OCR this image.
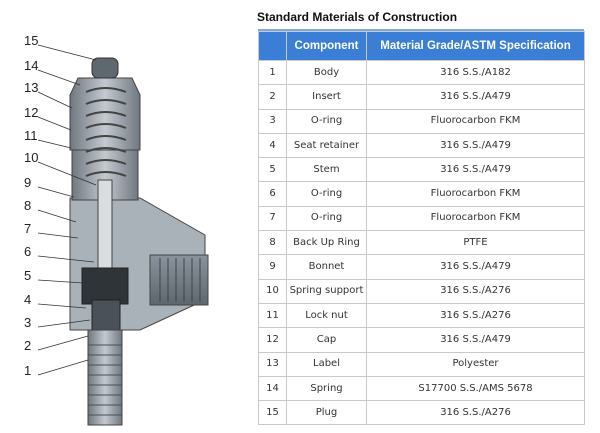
15
14
13
12
11
10
9
8
7
6
5
4
3
2
1
Standard Materials of Construction
	Component	Material Grade/ASTM Specification
1	Body	316 S.S./A182
2	Insert	316 S.S./A479
3	O-ring	Fluorocarbon FKM
4	Seat retainer	316 S.S./A479
5	Stem	316 S.S./A479
6	O-ring	Fluorocarbon FKM
7	O-ring	Fluorocarbon FKM
8	Back Up Ring	PTFE
9	Bonnet	316 S.S./A479
10	Spring support	316 S.S./A276
11	Lock nut	316 S.S./A276
12	Cap	316 S.S./A479
13	Label	Polyester
14	Spring	S17700 S.S./AMS 5678
15	Plug	316 S.S./A276
